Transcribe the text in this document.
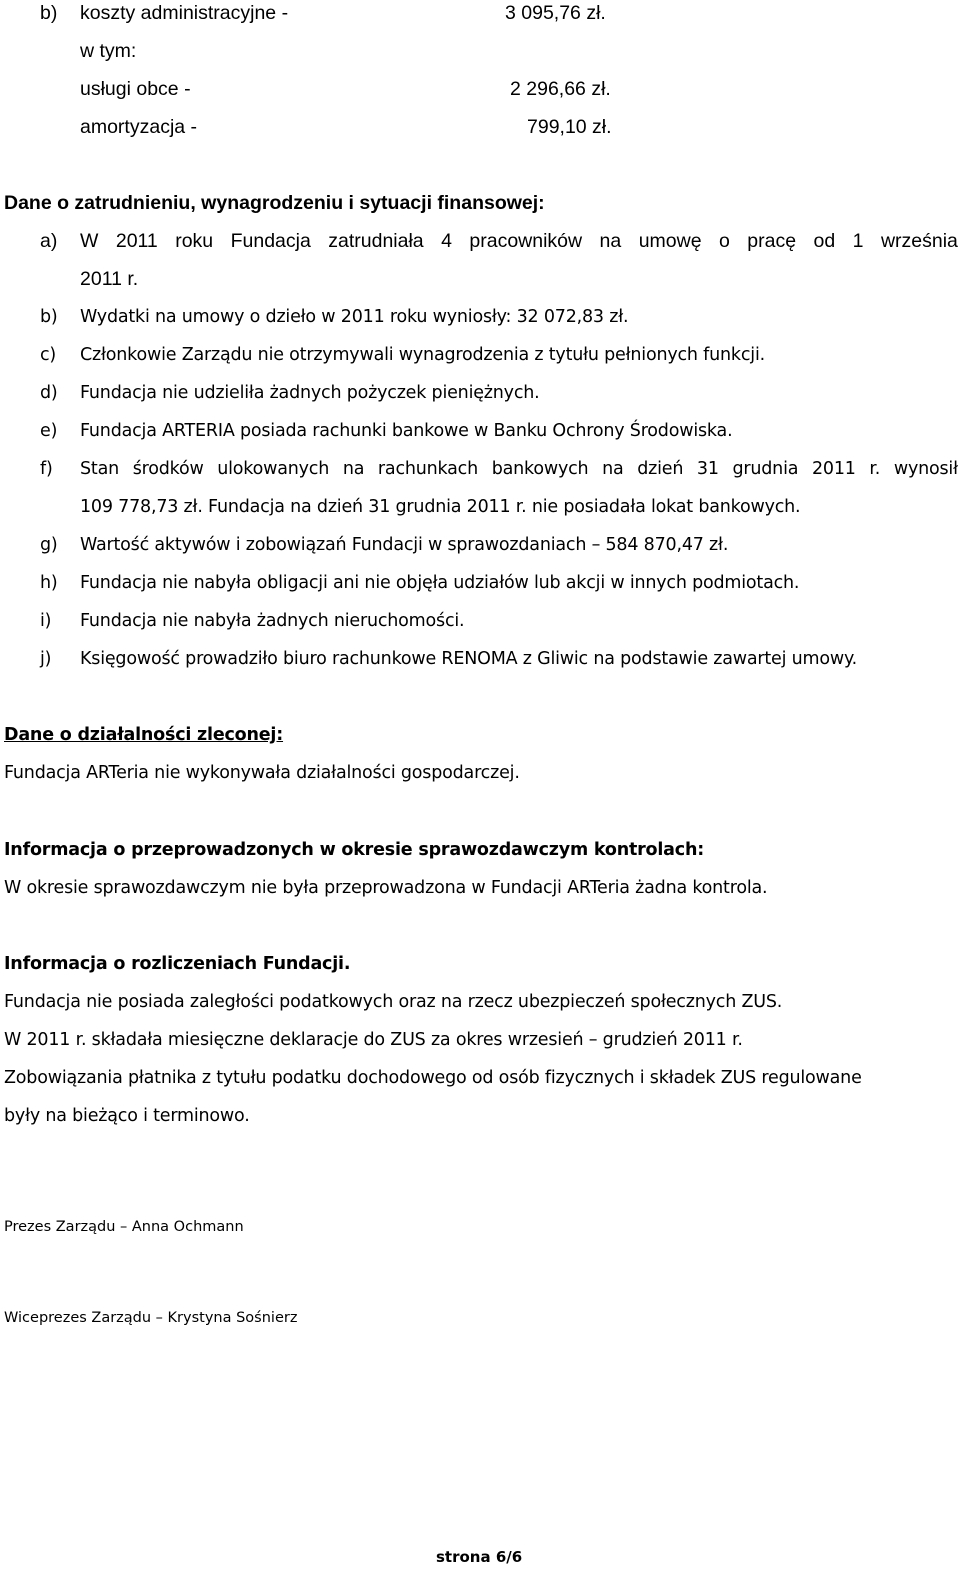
b) koszty administracyjne -	3 095,76 zł.
w tym:
usługi obce -	2 296,66 zł.
amortyzacja -	799,10 zł.
Dane o zatrudnieniu, wynagrodzeniu i sytuacji finansowej:
a) W 2011 roku Fundacja zatrudniała 4 pracowników na umowę o pracę od 1 września
2011 r.
b) Wydatki na umowy o dzieło w 2011 roku wyniosły: 32 072,83 zł.
c) Członkowie Zarządu nie otrzymywali wynagrodzenia z tytułu pełnionych funkcji.
d) Fundacja nie udzieliła żadnych pożyczek pieniężnych.
e) Fundacja ARTERIA posiada rachunki bankowe w Banku Ochrony Środowiska.
f) Stan środków ulokowanych na rachunkach bankowych na dzień 31 grudnia 2011 r. wynosił
109 778,73 zł. Fundacja na dzień 31 grudnia 2011 r. nie posiadała lokat bankowych.
g) Wartość aktywów i zobowiązań Fundacji w sprawozdaniach – 584 870,47 zł.
h) Fundacja nie nabyła obligacji ani nie objęła udziałów lub akcji w innych podmiotach.
i) Fundacja nie nabyła żadnych nieruchomości.
j) Księgowość prowadziło biuro rachunkowe RENOMA z Gliwic na podstawie zawartej umowy.
Dane o działalności zleconej:
Fundacja ARTeria nie wykonywała działalności gospodarczej.
Informacja o przeprowadzonych w okresie sprawozdawczym kontrolach:
W okresie sprawozdawczym nie była przeprowadzona w Fundacji ARTeria żadna kontrola.
Informacja o rozliczeniach Fundacji.
Fundacja nie posiada zaległości podatkowych oraz na rzecz ubezpieczeń społecznych ZUS.
W 2011 r. składała miesięczne deklaracje do ZUS za okres wrzesień – grudzień 2011 r.
Zobowiązania płatnika z tytułu podatku dochodowego od osób fizycznych i składek ZUS regulowane
były na bieżąco i terminowo.
Prezes Zarządu – Anna Ochmann
Wiceprezes Zarządu – Krystyna Sośnierz
strona 6/6
